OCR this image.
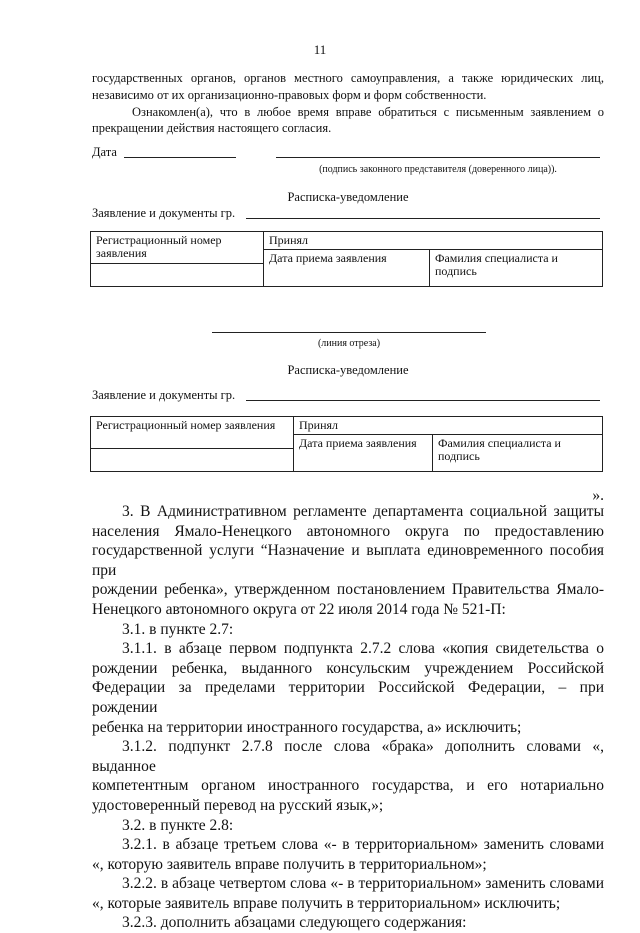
11
государственных органов, органов местного самоуправления, а также юридических лиц,
независимо от их организационно-правовых форм и форм собственности.
Ознакомлен(а), что в любое время вправе обратиться с письменным заявлением о
прекращении действия настоящего согласия.
Дата
(подпись законного представителя (доверенного лица)).
Расписка-уведомление
Заявление и документы гр.
Регистрационный номер заявления	Принял	
	Дата приема заявления	Фамилия специалиста и подпись

(линия отреза)
Расписка-уведомление
Заявление и документы гр.
Регистрационный номер заявления	Принял	
	Дата приема заявления	Фамилия специалиста и подпись

».

3. В Административном регламенте департамента социальной защиты

населения Ямало-Ненецкого автономного округа по предоставлению

государственной услуги “Назначение и выплата единовременного пособия при

рождении ребенка», утвержденном постановлением Правительства Ямало-

Ненецкого автономного округа от 22 июля 2014 года № 521-П:

3.1. в пункте 2.7:

3.1.1. в абзаце первом подпункта 2.7.2 слова «копия свидетельства о

рождении ребенка, выданного консульским учреждением Российской

Федерации за пределами территории Российской Федерации, – при рождении

ребенка на территории иностранного государства, а» исключить;

3.1.2. подпункт 2.7.8 после слова «брака» дополнить словами «, выданное

компетентным органом иностранного государства, и его нотариально

удостоверенный перевод на русский язык,»;

3.2. в пункте 2.8:

3.2.1. в абзаце третьем слова «- в территориальном» заменить словами

«, которую заявитель вправе получить в территориальном»;

3.2.2. в абзаце четвертом слова «- в территориальном» заменить словами

«, которые заявитель вправе получить в территориальном» исключить;

3.2.3. дополнить абзацами следующего содержания:
